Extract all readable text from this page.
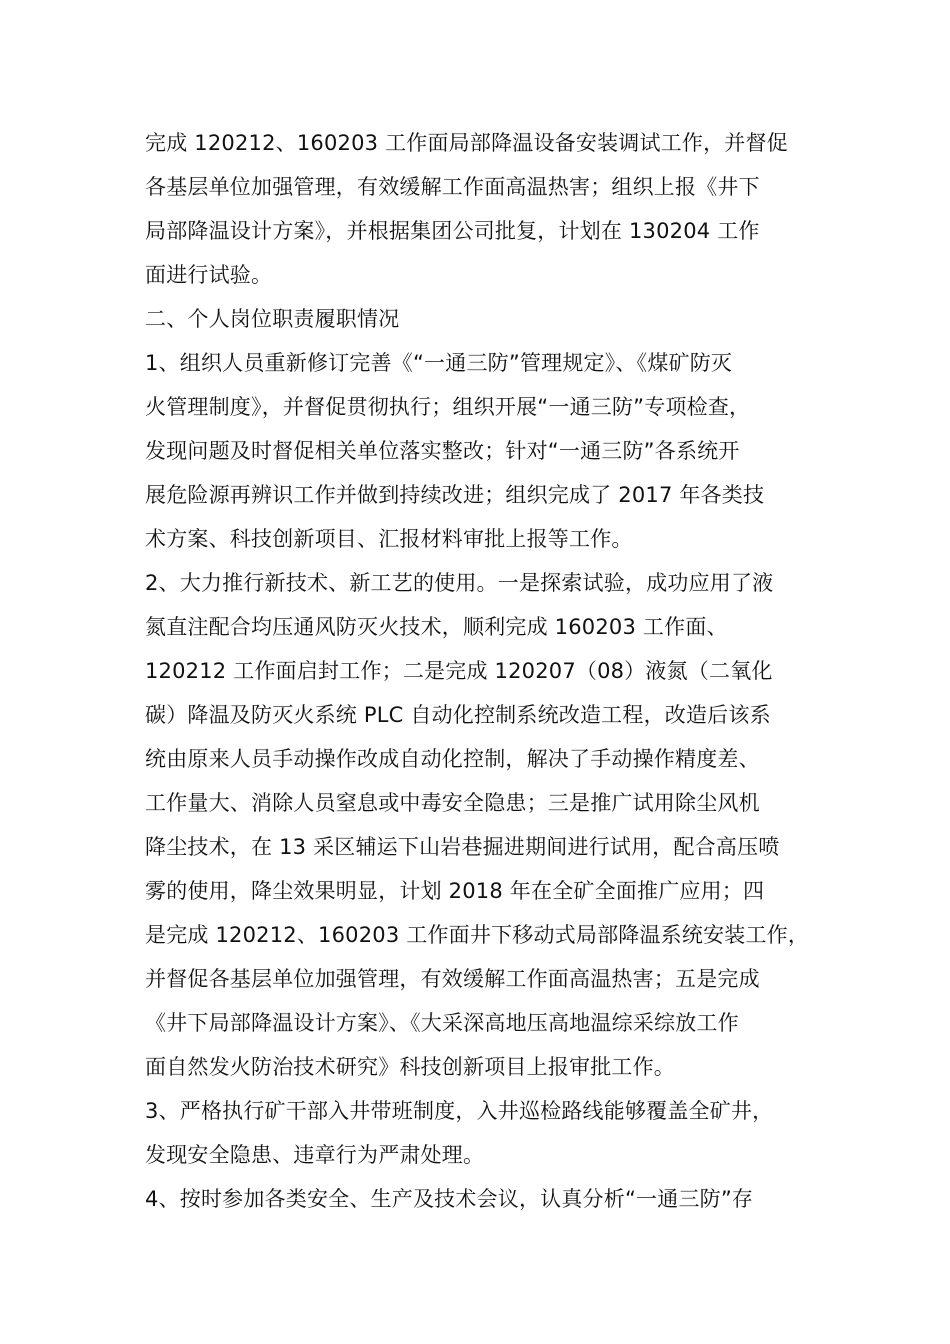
完成 120212、160203 工作面局部降温设备安装调试工作，并督促
各基层单位加强管理，有效缓解工作面高温热害；组织上报《井下
局部降温设计方案》，并根据集团公司批复，计划在 130204 工作
面进行试验。
二、个人岗位职责履职情况
1、组织人员重新修订完善《“一通三防”管理规定》、《煤矿防灭
火管理制度》，并督促贯彻执行；组织开展“一通三防”专项检查，
发现问题及时督促相关单位落实整改；针对“一通三防”各系统开
展危险源再辨识工作并做到持续改进；组织完成了 2017 年各类技
术方案、科技创新项目、汇报材料审批上报等工作。
2、大力推行新技术、新工艺的使用。一是探索试验，成功应用了液
氮直注配合均压通风防灭火技术，顺利完成 160203 工作面、
120212 工作面启封工作；二是完成 120207（08）液氮（二氧化
碳）降温及防灭火系统 PLC 自动化控制系统改造工程，改造后该系
统由原来人员手动操作改成自动化控制，解决了手动操作精度差、
工作量大、消除人员窒息或中毒安全隐患；三是推广试用除尘风机
降尘技术，在 13 采区辅运下山岩巷掘进期间进行试用，配合高压喷
雾的使用，降尘效果明显，计划 2018 年在全矿全面推广应用；四
是完成 120212、160203 工作面井下移动式局部降温系统安装工作，
并督促各基层单位加强管理，有效缓解工作面高温热害；五是完成
《井下局部降温设计方案》、《大采深高地压高地温综采综放工作
面自然发火防治技术研究》科技创新项目上报审批工作。
3、严格执行矿干部入井带班制度，入井巡检路线能够覆盖全矿井，
发现安全隐患、违章行为严肃处理。
4、按时参加各类安全、生产及技术会议，认真分析“一通三防”存
